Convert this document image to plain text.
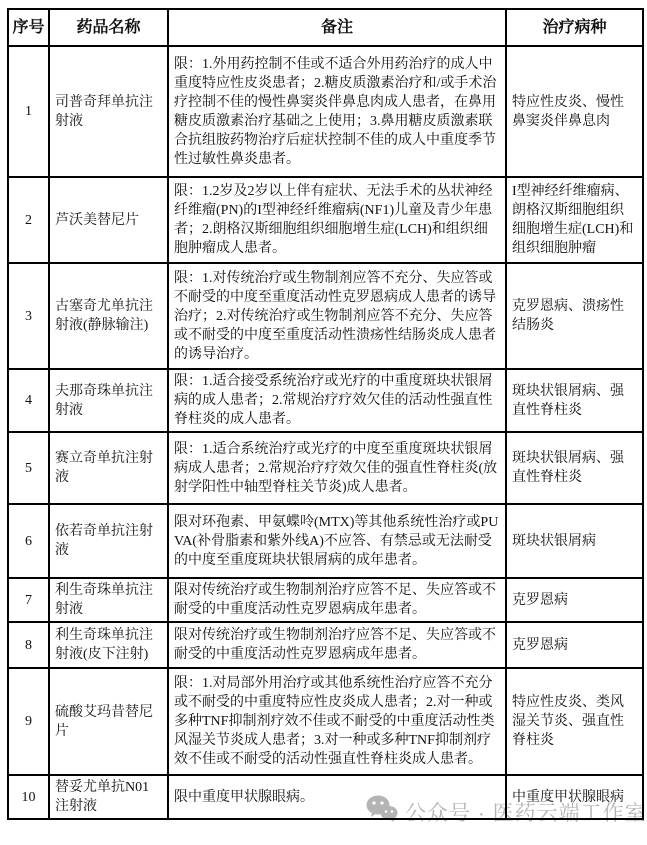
公众号 · 医药云端工作室
序号	药品名称	备注	治疗病种
1	司普奇拜单抗注射液	限：1.外用药控制不佳或不适合外用药治疗的成人中重度特应性皮炎患者；2.糖皮质激素治疗和/或手术治疗控制不佳的慢性鼻窦炎伴鼻息肉成人患者，在鼻用糖皮质激素治疗基础之上使用；3.鼻用糖皮质激素联合抗组胺药物治疗后症状控制不佳的成人中重度季节性过敏性鼻炎患者。	特应性皮炎、慢性鼻窦炎伴鼻息肉
2	芦沃美替尼片	限：1.2岁及2岁以上伴有症状、无法手术的丛状神经纤维瘤(PN)的I型神经纤维瘤病(NF1)儿童及青少年患者；2.朗格汉斯细胞组织细胞增生症(LCH)和组织细胞肿瘤成人患者。	I型神经纤维瘤病、朗格汉斯细胞组织细胞增生症(LCH)和组织细胞肿瘤
3	古塞奇尤单抗注射液(静脉输注)	限：1.对传统治疗或生物制剂应答不充分、失应答或不耐受的中度至重度活动性克罗恩病成人患者的诱导治疗；2.对传统治疗或生物制剂应答不充分、失应答或不耐受的中度至重度活动性溃疡性结肠炎成人患者的诱导治疗。	克罗恩病、溃疡性结肠炎
4	夫那奇珠单抗注射液	限：1.适合接受系统治疗或光疗的中重度斑块状银屑病的成人患者；2.常规治疗疗效欠佳的活动性强直性脊柱炎的成人患者。	斑块状银屑病、强直性脊柱炎
5	赛立奇单抗注射液	限：1.适合系统治疗或光疗的中度至重度斑块状银屑病成人患者；2.常规治疗疗效欠佳的强直性脊柱炎(放射学阳性中轴型脊柱关节炎)成人患者。	斑块状银屑病、强直性脊柱炎
6	依若奇单抗注射液	限对环孢素、甲氨蝶呤(MTX)等其他系统性治疗或PUVA(补骨脂素和紫外线A)不应答、有禁忌或无法耐受的中度至重度斑块状银屑病的成年患者。	斑块状银屑病
7	利生奇珠单抗注射液	限对传统治疗或生物制剂治疗应答不足、失应答或不耐受的中重度活动性克罗恩病成年患者。	克罗恩病
8	利生奇珠单抗注射液(皮下注射)	限对传统治疗或生物制剂治疗应答不足、失应答或不耐受的中重度活动性克罗恩病成年患者。	克罗恩病
9	硫酸艾玛昔替尼片	限：1.对局部外用治疗或其他系统性治疗应答不充分或不耐受的中重度特应性皮炎成人患者；2.对一种或多种TNF抑制剂疗效不佳或不耐受的中重度活动性类风湿关节炎成人患者；3.对一种或多种TNF抑制剂疗效不佳或不耐受的活动性强直性脊柱炎成人患者。	特应性皮炎、类风湿关节炎、强直性脊柱炎
10	替妥尤单抗N01注射液	限中重度甲状腺眼病。	中重度甲状腺眼病
